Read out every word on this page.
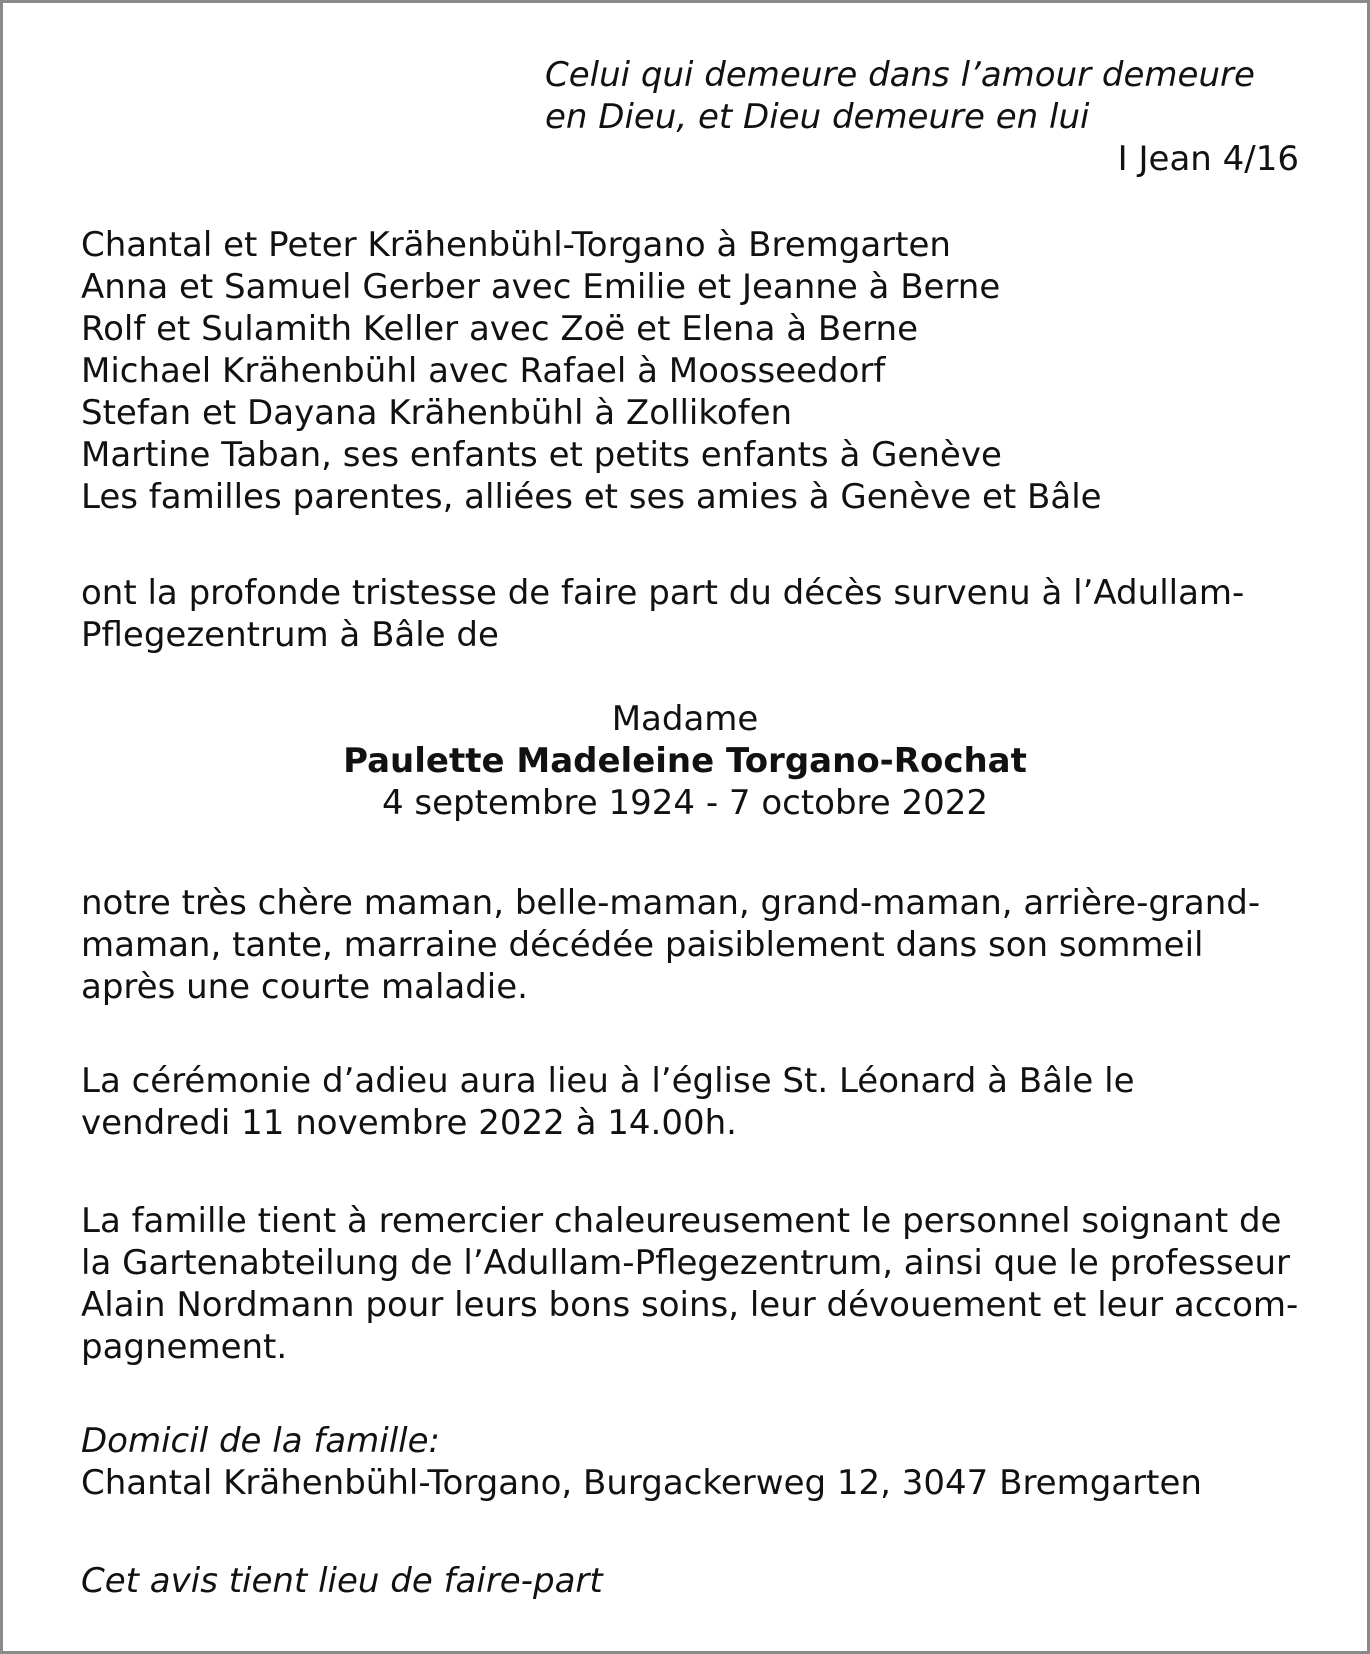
Celui qui demeure dans l’amour demeure

en Dieu, et Dieu demeure en lui

I Jean 4/16

Chantal et Peter Krähenbühl-Torgano à Bremgarten

Anna et Samuel Gerber avec Emilie et Jeanne à Berne

Rolf et Sulamith Keller avec Zoë et Elena à Berne

Michael Krähenbühl avec Rafael à Moosseedorf

Stefan et Dayana Krähenbühl à Zollikofen

Martine Taban, ses enfants et petits enfants à Genève

Les familles parentes, alliées et ses amies à Genève et Bâle

ont la profonde tristesse de faire part du décès survenu à l’Adullam-

Pflegezentrum à Bâle de

Madame

Paulette Madeleine Torgano-Rochat

4 septembre 1924 - 7 octobre 2022

notre très chère maman, belle-maman, grand-maman, arrière-grand-

maman, tante, marraine décédée paisiblement dans son sommeil

après une courte maladie.

La cérémonie d’adieu aura lieu à l’église St. Léonard à Bâle le

vendredi 11 novembre 2022 à 14.00h.

La famille tient à remercier chaleureusement le personnel soignant de

la Gartenabteilung de l’Adullam-Pflegezentrum, ainsi que le professeur

Alain Nordmann pour leurs bons soins, leur dévouement et leur accom-

pagnement.

Domicil de la famille:

Chantal Krähenbühl-Torgano, Burgackerweg 12, 3047 Bremgarten

Cet avis tient lieu de faire-part
